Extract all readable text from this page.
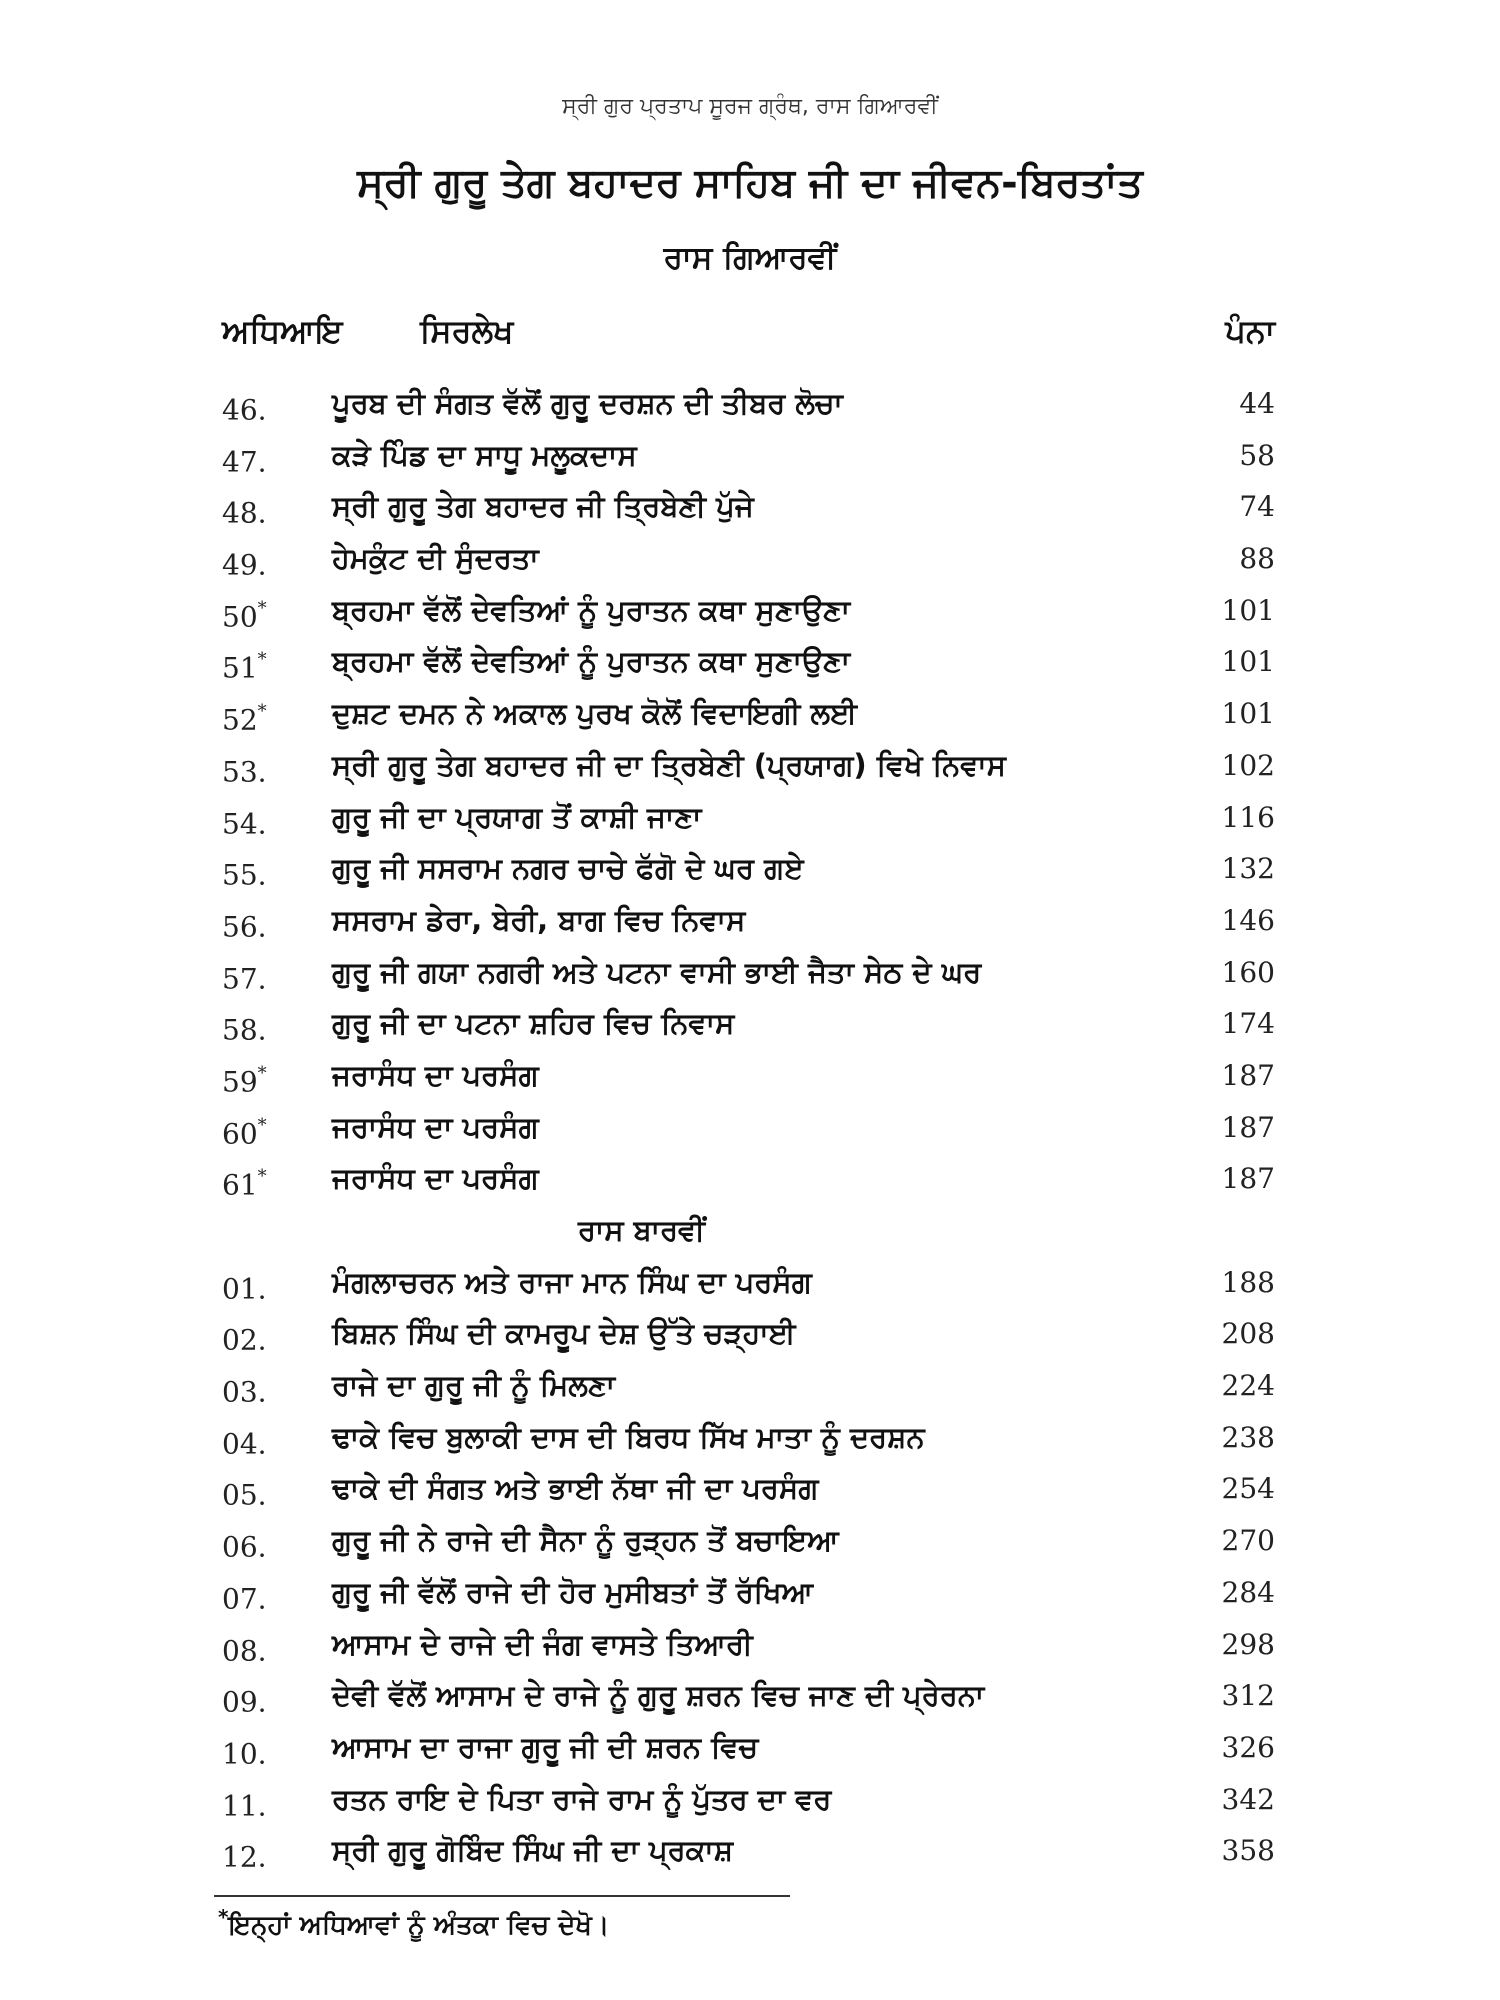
ਸ੍ਰੀ ਗੁਰ ਪ੍ਰਤਾਪ ਸੂਰਜ ਗ੍ਰੰਥ, ਰਾਸ ਗਿਆਰਵੀਂ
ਸ੍ਰੀ ਗੁਰੂ ਤੇਗ ਬਹਾਦਰ ਸਾਹਿਬ ਜੀ ਦਾ ਜੀਵਨ-ਬਿਰਤਾਂਤ
ਰਾਸ ਗਿਆਰਵੀਂ
ਅਧਿਆਇ ਸਿਰਲੇਖ	ਪੰਨਾ
46. ਪੂਰਬ ਦੀ ਸੰਗਤ ਵੱਲੋਂ ਗੁਰੂ ਦਰਸ਼ਨ ਦੀ ਤੀਬਰ ਲੋਚਾ	44
47. ਕੜੇ ਪਿੰਡ ਦਾ ਸਾਧੂ ਮਲੂਕਦਾਸ	58
48. ਸ੍ਰੀ ਗੁਰੂ ਤੇਗ ਬਹਾਦਰ ਜੀ ਤ੍ਰਿਬੇਣੀ ਪੁੱਜੇ	74
49. ਹੇਮਕੁੰਟ ਦੀ ਸੁੰਦਰਤਾ	88
50* ਬ੍ਰਹਮਾ ਵੱਲੋਂ ਦੇਵਤਿਆਂ ਨੂੰ ਪੁਰਾਤਨ ਕਥਾ ਸੁਣਾਉਣਾ	101
51* ਬ੍ਰਹਮਾ ਵੱਲੋਂ ਦੇਵਤਿਆਂ ਨੂੰ ਪੁਰਾਤਨ ਕਥਾ ਸੁਣਾਉਣਾ	101
52* ਦੁਸ਼ਟ ਦਮਨ ਨੇ ਅਕਾਲ ਪੁਰਖ ਕੋਲੋਂ ਵਿਦਾਇਗੀ ਲਈ	101
53. ਸ੍ਰੀ ਗੁਰੂ ਤੇਗ ਬਹਾਦਰ ਜੀ ਦਾ ਤ੍ਰਿਬੇਣੀ (ਪ੍ਰਯਾਗ) ਵਿਖੇ ਨਿਵਾਸ	102
54. ਗੁਰੂ ਜੀ ਦਾ ਪ੍ਰਯਾਗ ਤੋਂ ਕਾਸ਼ੀ ਜਾਣਾ	116
55. ਗੁਰੂ ਜੀ ਸਸਰਾਮ ਨਗਰ ਚਾਚੇ ਫੱਗੋ ਦੇ ਘਰ ਗਏ	132
56. ਸਸਰਾਮ ਡੇਰਾ, ਬੇਰੀ, ਬਾਗ ਵਿਚ ਨਿਵਾਸ	146
57. ਗੁਰੂ ਜੀ ਗਯਾ ਨਗਰੀ ਅਤੇ ਪਟਨਾ ਵਾਸੀ ਭਾਈ ਜੈਤਾ ਸੇਠ ਦੇ ਘਰ	160
58. ਗੁਰੂ ਜੀ ਦਾ ਪਟਨਾ ਸ਼ਹਿਰ ਵਿਚ ਨਿਵਾਸ	174
59* ਜਰਾਸੰਧ ਦਾ ਪਰਸੰਗ	187
60* ਜਰਾਸੰਧ ਦਾ ਪਰਸੰਗ	187
61* ਜਰਾਸੰਧ ਦਾ ਪਰਸੰਗ	187
ਰਾਸ ਬਾਰਵੀਂ
01. ਮੰਗਲਾਚਰਨ ਅਤੇ ਰਾਜਾ ਮਾਨ ਸਿੰਘ ਦਾ ਪਰਸੰਗ	188
02. ਬਿਸ਼ਨ ਸਿੰਘ ਦੀ ਕਾਮਰੂਪ ਦੇਸ਼ ਉੱਤੇ ਚੜ੍ਹਾਈ	208
03. ਰਾਜੇ ਦਾ ਗੁਰੂ ਜੀ ਨੂੰ ਮਿਲਣਾ	224
04. ਢਾਕੇ ਵਿਚ ਬੁਲਾਕੀ ਦਾਸ ਦੀ ਬਿਰਧ ਸਿੱਖ ਮਾਤਾ ਨੂੰ ਦਰਸ਼ਨ	238
05. ਢਾਕੇ ਦੀ ਸੰਗਤ ਅਤੇ ਭਾਈ ਨੱਥਾ ਜੀ ਦਾ ਪਰਸੰਗ	254
06. ਗੁਰੂ ਜੀ ਨੇ ਰਾਜੇ ਦੀ ਸੈਨਾ ਨੂੰ ਰੁੜ੍ਹਨ ਤੋਂ ਬਚਾਇਆ	270
07. ਗੁਰੂ ਜੀ ਵੱਲੋਂ ਰਾਜੇ ਦੀ ਹੋਰ ਮੁਸੀਬਤਾਂ ਤੋਂ ਰੱਖਿਆ	284
08. ਆਸਾਮ ਦੇ ਰਾਜੇ ਦੀ ਜੰਗ ਵਾਸਤੇ ਤਿਆਰੀ	298
09. ਦੇਵੀ ਵੱਲੋਂ ਆਸਾਮ ਦੇ ਰਾਜੇ ਨੂੰ ਗੁਰੂ ਸ਼ਰਨ ਵਿਚ ਜਾਣ ਦੀ ਪ੍ਰੇਰਨਾ	312
10. ਆਸਾਮ ਦਾ ਰਾਜਾ ਗੁਰੂ ਜੀ ਦੀ ਸ਼ਰਨ ਵਿਚ	326
11. ਰਤਨ ਰਾਇ ਦੇ ਪਿਤਾ ਰਾਜੇ ਰਾਮ ਨੂੰ ਪੁੱਤਰ ਦਾ ਵਰ	342
12. ਸ੍ਰੀ ਗੁਰੂ ਗੋਬਿੰਦ ਸਿੰਘ ਜੀ ਦਾ ਪ੍ਰਕਾਸ਼	358
*ਇਨ੍ਹਾਂ ਅਧਿਆਵਾਂ ਨੂੰ ਅੰਤਕਾ ਵਿਚ ਦੇਖੋ।
